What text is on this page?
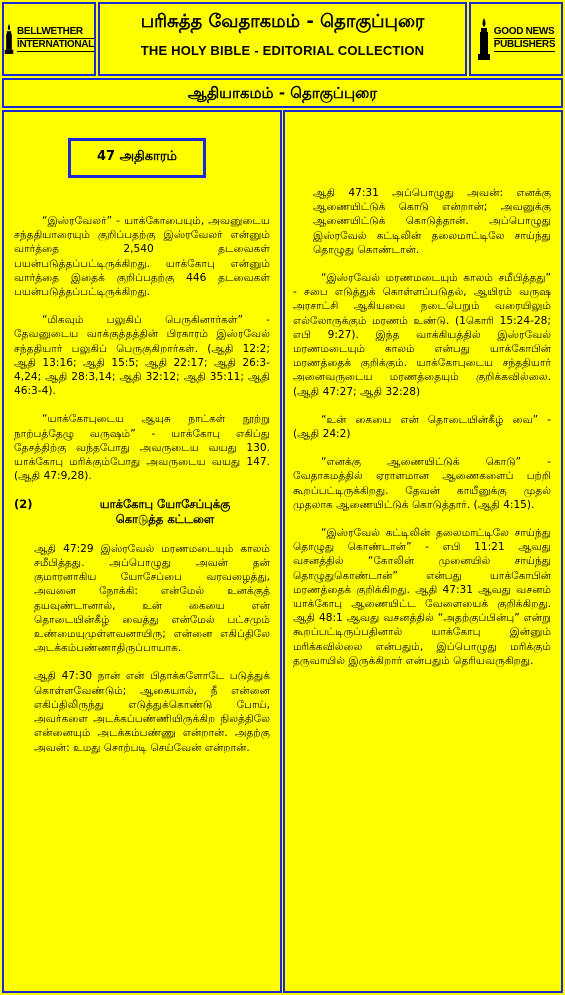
BELLWETHER
INTERNATIONAL
பரிசுத்த வேதாகமம் - தொகுப்புரை
THE HOLY BIBLE - EDITORIAL COLLECTION
GOOD NEWS
PUBLISHERS
ஆதியாகமம் - தொகுப்புரை
47 அதிகாரம்

“இஸ்ரவேலர்” - யாக்கோபையும், அவனுடைய சந்ததியாரையும் குறிப்பதற்கு இஸ்ரவேலர் என்னும் வார்த்தை 2,540 தடவைகள் பயன்படுத்தப்பட்டிருக்கிறது. யாக்கோபு என்னும் வார்த்தை இதைக் குறிப்பதற்கு 446 தடவைகள் பயன்படுத்தப்பட்டிருக்கிறது.

“மிகவும் பலுகிப் பெருகினார்கள்” - தேவனுடைய வாக்குத்தத்தின் பிரகாரம் இஸ்ரவேல் சந்ததியார் பலுகிப் பெருகுகிறார்கள். (ஆதி 12:2; ஆதி 13:16; ஆதி 15:5; ஆதி 22:17; ஆதி 26:3-4,24; ஆதி 28:3,14; ஆதி 32:12; ஆதி 35:11; ஆதி 46:3-4).

“யாக்கோபுடைய ஆயுசு நாட்கள் நூற்று நாற்பத்தேழு வருஷம்” - யாக்கோபு எகிப்து தேசத்திற்கு வந்தபோது அவருடைய வயது 130. யாக்கோபு மரிக்கும்போது அவருடைய வயது 147. (ஆதி 47:9,28).

(2)	யாக்கோபு யோசேப்புக்கு
கொடுத்த கட்டளை

ஆதி 47:29 இஸ்ரவேல் மரணமடையும் காலம் சமீபித்தது. அப்பொழுது அவன் தன் குமாரனாகிய யோசேப்பை வரவழைத்து, அவனை நோக்கி: என்மேல் உனக்குத் தயவுண்டானால், உன் கையை என் தொடையின்கீழ் வைத்து என்மேல் பட்சமும் உண்மையுமுள்ளவனாயிரு; என்னை எகிப்திலே அடக்கம்பண்ணாதிருப்பாயாக.

ஆதி 47:30 நான் என் பிதாக்களோடே படுத்துக் கொள்ளவேண்டும்; ஆகையால், நீ என்னை எகிப்திலிருந்து எடுத்துக்கொண்டு போய், அவர்களை அடக்கப்பண்ணியிருக்கிற நிலத்திலே என்னையும் அடக்கம்பண்ணு என்றான். அதற்கு அவன்: உமது சொற்படி செய்வேன் என்றான்.

ஆதி 47:31 அப்பொழுது அவன்: எனக்கு ஆணையிட்டுக் கொடு என்றான்; அவனுக்கு ஆணையிட்டுக் கொடுத்தான். அப்பொழுது இஸ்ரவேல் கட்டிலின் தலைமாட்டிலே சாய்ந்து தொழுது கொண்டான்.

“இஸ்ரவேல் மரணமடையும் காலம் சமீபித்தது” - சபை எடுத்துக் கொள்ளப்படுதல், ஆயிரம் வருஷ அரசாட்சி ஆகியவை நடைபெறும் வரையிலும் எல்லோருக்கும் மரணம் உண்டு. (1கொரி 15:24-28; எபி 9:27). இந்த வாக்கியத்தில் இஸ்ரவேல் மரணமடையும் காலம் என்பது யாக்கோபின் மரணத்தைக் குறிக்கும். யாக்கோபுடைய சந்ததியார் அனைவருடைய மரணத்தையும் குறிக்கவில்லை. (ஆதி 47:27; ஆதி 32:28)

“உன் கையை என் தொடையின்கீழ் வை” - (ஆதி 24:2)

“எனக்கு ஆணையிட்டுக் கொடு” - வேதாகமத்தில் ஏராளமான ஆணைகளைப் பற்றி கூறப்பட்டிருக்கிறது. தேவன் காயீனுக்கு முதல் முதலாக ஆணையிட்டுக் கொடுத்தார். (ஆதி 4:15).

“இஸ்ரவேல் கட்டிலின் தலைமாட்டிலே சாய்ந்து தொழுது கொண்டான்” - எபி 11:21 ஆவது வசனத்தில் “கோலின் முனையில் சாய்ந்து தொழுதுகொண்டான்” என்பது யாக்கோபின் மரணத்தைக் குறிக்கிறது. ஆதி 47:31 ஆவது வசனம் யாக்கோபு ஆணையிட்ட வேளையைக் குறிக்கிறது. ஆதி 48:1 ஆவது வசனத்தில் “அதற்குப்பின்பு” என்று கூறப்பட்டிருப்பதினால் யாக்கோபு இன்னும் மரிக்கவில்லை என்பதும், இப்பொழுது மரிக்கும் தருவாயில் இருக்கிறார் என்பதும் தெரியவருகிறது.
